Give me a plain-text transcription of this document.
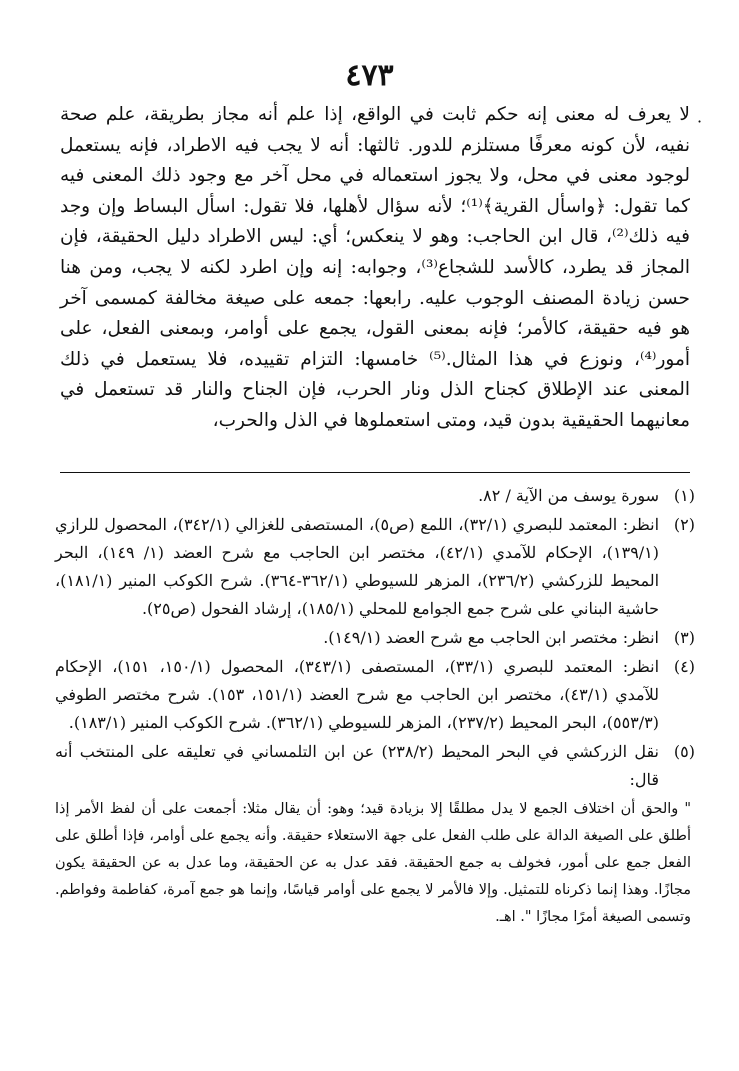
٤٧٣
·
لا يعرف له معنى إنه حكم ثابت في الواقع، إذا علم أنه مجاز بطريقة، علم صحة نفيه، لأن كونه معرفًا مستلزم للدور. ثالثها: أنه لا يجب فيه الاطراد، فإنه يستعمل لوجود معنى في محل، ولا يجوز استعماله في محل آخر مع وجود ذلك المعنى فيه كما تقول: ﴿واسأل القرية﴾⁽¹⁾؛ لأنه سؤال لأهلها، فلا تقول: اسأل البساط وإن وجد فيه ذلك⁽²⁾، قال ابن الحاجب: وهو لا ينعكس؛ أي: ليس الاطراد دليل الحقيقة، فإن المجاز قد يطرد، كالأسد للشجاع⁽³⁾، وجوابه: إنه وإن اطرد لكنه لا يجب، ومن هنا حسن زيادة المصنف الوجوب عليه. رابعها: جمعه على صيغة مخالفة كمسمى آخر هو فيه حقيقة، كالأمر؛ فإنه بمعنى القول، يجمع على أوامر، وبمعنى الفعل، على أمور⁽⁴⁾، ونوزع في هذا المثال.⁽⁵⁾ خامسها: التزام تقييده، فلا يستعمل في ذلك المعنى عند الإطلاق كجناح الذل ونار الحرب، فإن الجناح والنار قد تستعمل في معانيهما الحقيقية بدون قيد، ومتى استعملوها في الذل والحرب،
(١)
سورة يوسف من الآية / ٨٢.
(٢)
انظر: المعتمد للبصري (٣٢/١)، اللمع (ص٥)، المستصفى للغزالي (٣٤٢/١)، المحصول للرازي (١٣٩/١)، الإحكام للآمدي (٤٢/١)، مختصر ابن الحاجب مع شرح العضد (١/ ١٤٩)، البحر المحيط للزركشي (٢٣٦/٢)، المزهر للسيوطي (٣٦٢/١-٣٦٤). شرح الكوكب المنير (١٨١/١)، حاشية البناني على شرح جمع الجوامع للمحلي (١٨٥/١)، إرشاد الفحول (ص٢٥).
(٣)
انظر: مختصر ابن الحاجب مع شرح العضد (١٤٩/١).
(٤)
انظر: المعتمد للبصري (٣٣/١)، المستصفى (٣٤٣/١)، المحصول (١٥٠/١، ١٥١)، الإحكام للآمدي (٤٣/١)، مختصر ابن الحاجب مع شرح العضد (١٥١/١، ١٥٣). شرح مختصر الطوفي (٥٥٣/٣)، البحر المحيط (٢٣٧/٢)، المزهر للسيوطي (٣٦٢/١). شرح الكوكب المنير (١٨٣/١).
(٥)
نقل الزركشي في البحر المحيط (٢٣٨/٢) عن ابن التلمساني في تعليقه على المنتخب أنه قال:
" والحق أن اختلاف الجمع لا يدل مطلقًا إلا بزيادة قيد؛ وهو: أن يقال مثلا: أجمعت على أن لفظ الأمر إذا أطلق على الصيغة الدالة على طلب الفعل على جهة الاستعلاء حقيقة. وأنه يجمع على أوامر، فإذا أطلق على الفعل جمع على أمور، فخولف به جمع الحقيقة. فقد عدل به عن الحقيقة، وما عدل به عن الحقيقة يكون مجازًا. وهذا إنما ذكرناه للتمثيل. وإلا فالأمر لا يجمع على أوامر قياسًا، وإنما هو جمع آمرة، كفاطمة وفواطم. وتسمى الصيغة أمرًا مجازًا ". اهـ.
